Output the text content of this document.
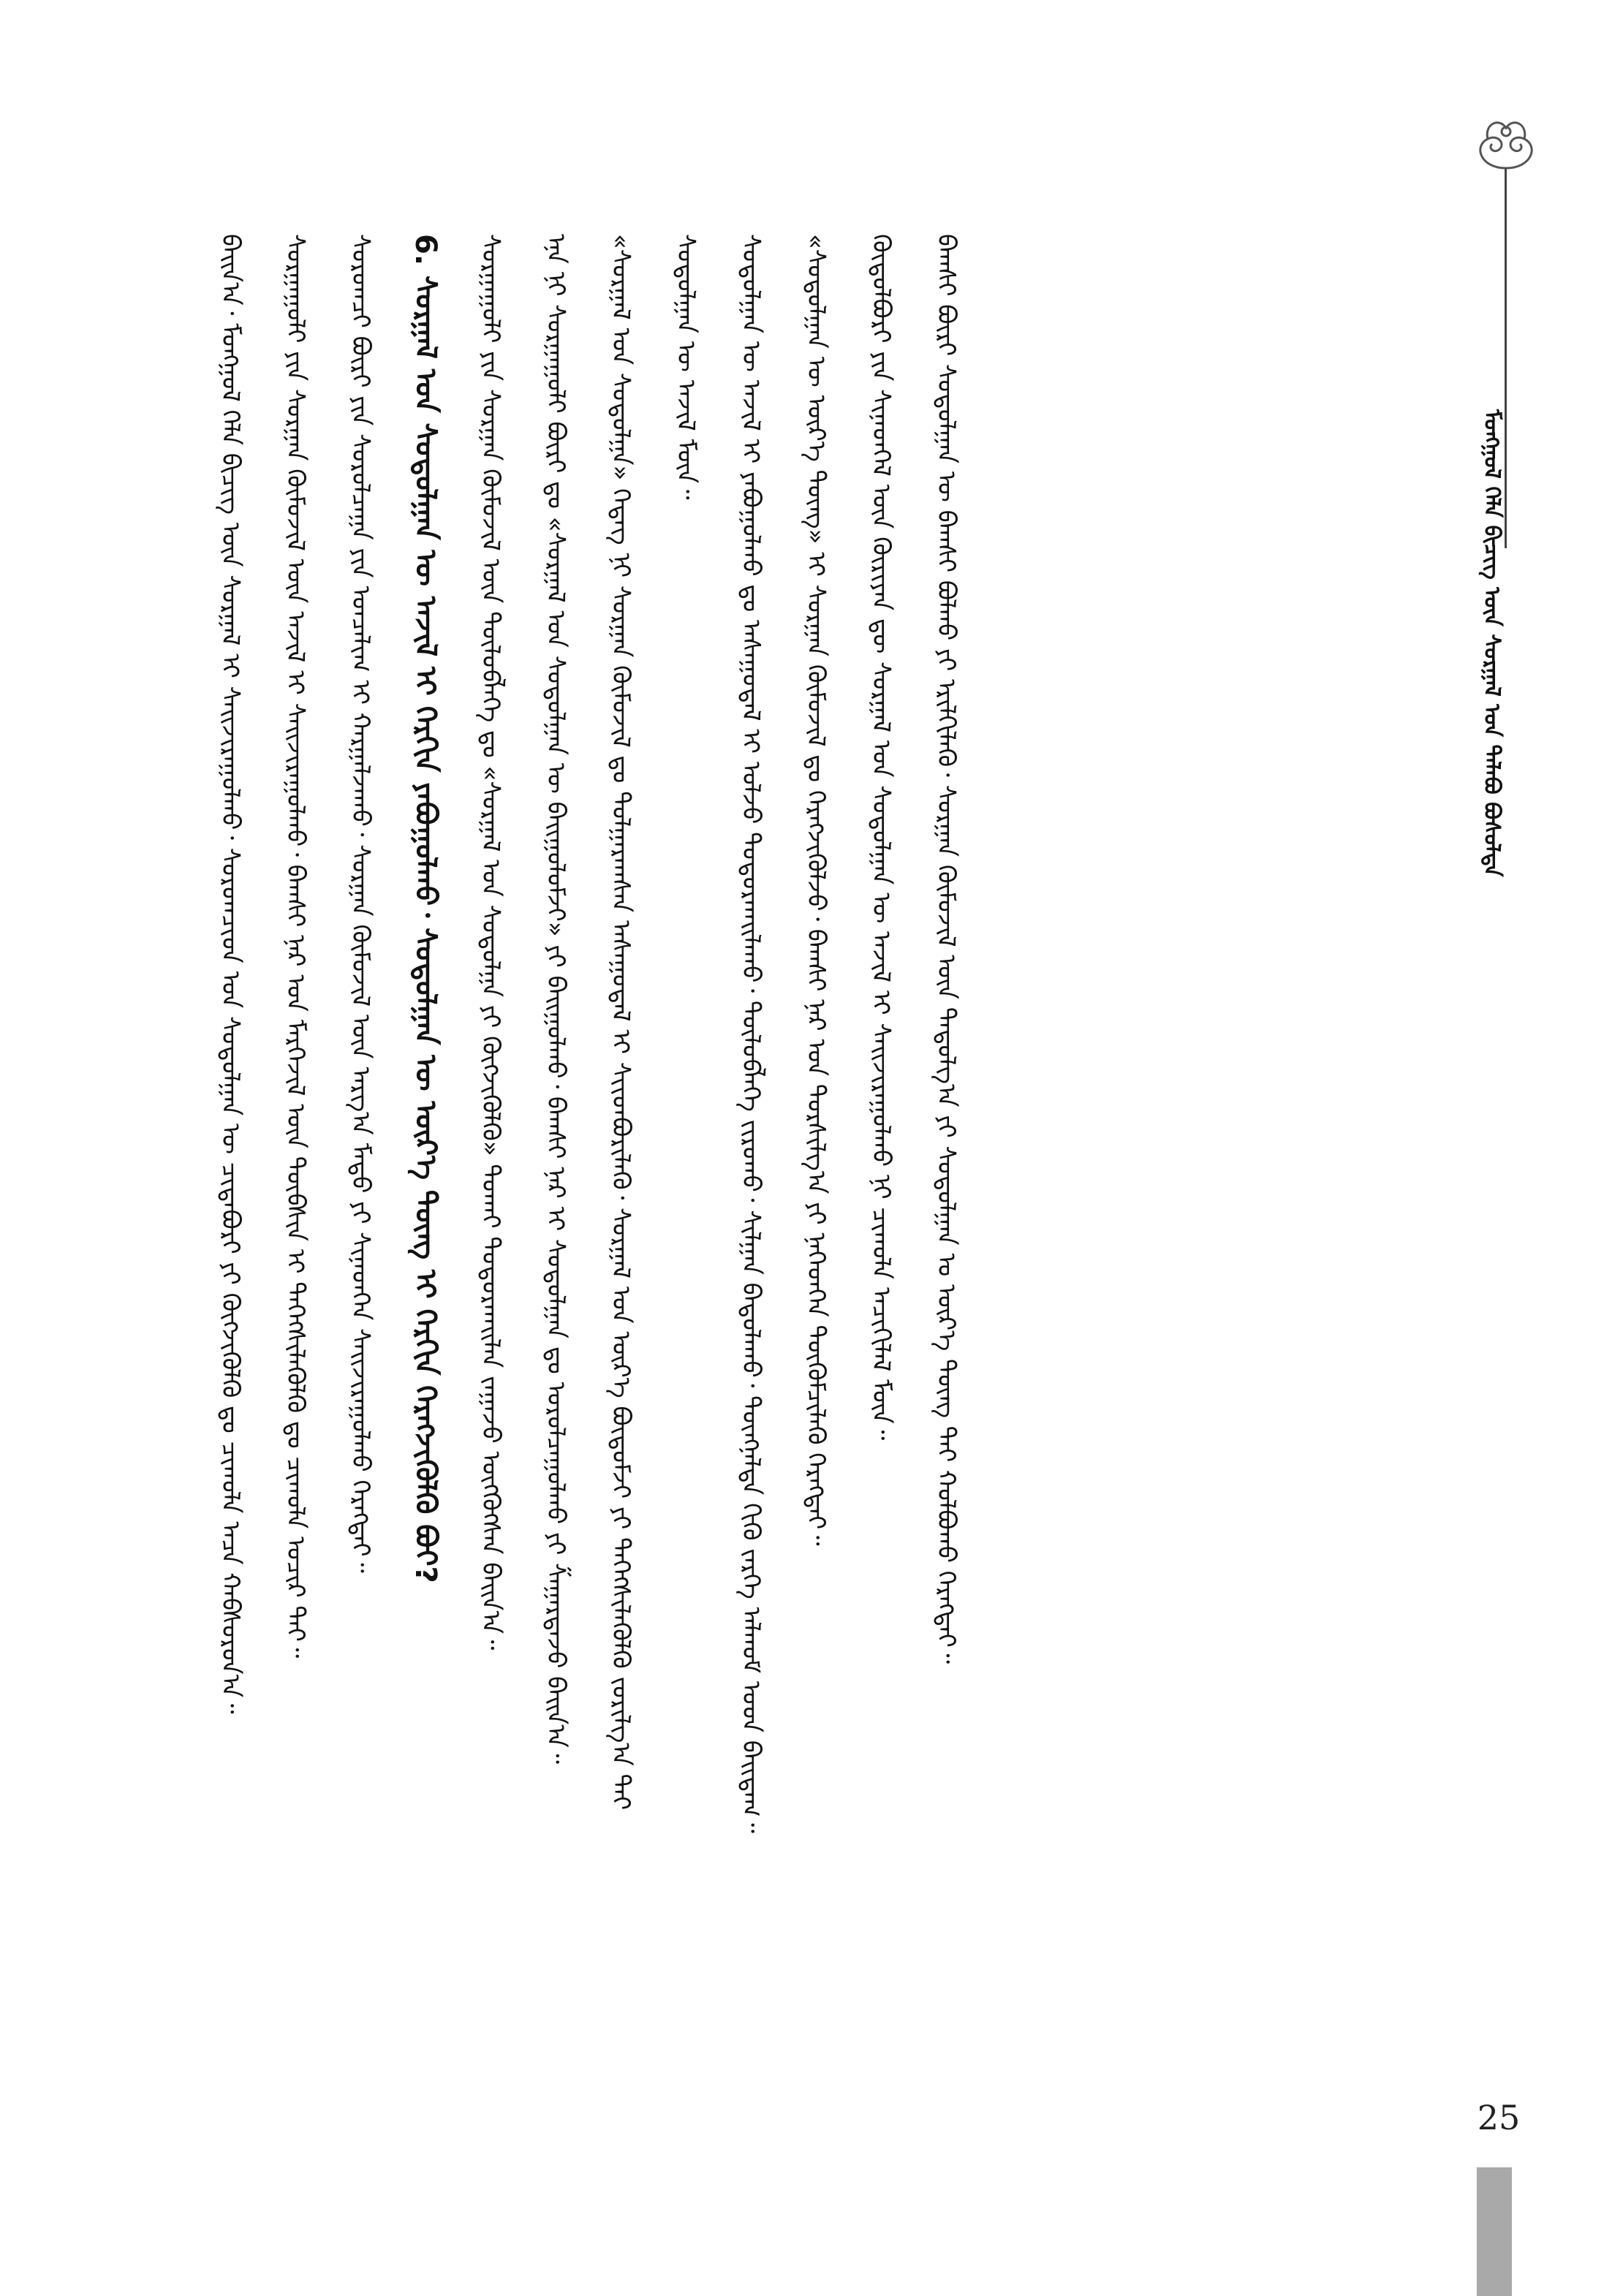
ᠮᠣᠩᠭᠣᠯ ᠬᠡᠯᠡ ᠪᠢᠴᠢᠭ ᠦᠨ ᠰᠤᠷᠭᠠᠯ ᠤᠨ ᠲᠡᠯᠡᠪᠦ ᠪᠤᠰᠤᠯᠲᠠ

ᠪᠠᠢᠨ᠎ᠠ᠂ ᠮᠣᠩᠭᠣᠯ ᠬᠡᠯᠡ ᠪᠢᠴᠢᠭ ᠦᠨ ᠰᠤᠷᠭᠠᠯ ᠢ ᠰᠠᠢᠵᠢᠷᠠᠭᠤᠯᠬᠤ᠂ ᠰᠤᠷᠤᠭᠴᠢᠳ ᠤᠨ ᠰᠤᠳᠤᠯᠭᠠᠨ ᠦ ᠴᠢᠳᠠᠪᠤᠷᠢ ᠶᠢ ᠬᠥᠭᠵᠢᠭᠦᠯᠬᠦ ᠳᠤ ᠴᠢᠬᠤᠯᠠ ᠠᠴᠠ ᠬᠠᠪᠰᠤᠷᠤᠨ᠎ᠠ᠃	ᠰᠤᠷᠭᠠᠭᠤᠯᠢ ᠶᠢᠨ ᠰᠤᠷᠭᠠᠨ ᠬᠦᠮᠦᠵᠢᠯ ᠦᠨ ᠠᠵᠢᠯ ᠢ ᠰᠠᠢᠵᠢᠷᠠᠭᠤᠯᠬᠤ᠂ ᠪᠠᠭᠰᠢ ᠨᠠᠷ ᠤᠨ ᠮᠡᠷᠭᠡᠵᠢᠯ ᠦᠨ ᠳᠦᠪᠰᠢᠨ ᠢ ᠳᠡᠭᠡᠭᠰᠢᠯᠡᠭᠦᠯᠬᠦ ᠳᠤ ᠴᠢᠬᠤᠯᠠ ᠤᠴᠢᠷ ᠲᠠᠢ᠃	ᠰᠤᠷᠤᠭᠴᠢ ᠪᠦᠷᠢ ᠶᠢᠨ ᠰᠤᠷᠤᠯᠴᠠᠭᠠ ᠶᠢᠨ ᠤᠨᠴᠠᠯᠢᠭ ᠢ ᠬᠠᠷᠭᠠᠯᠵᠠᠬᠤ᠂ ᠰᠤᠷᠭᠠᠨ ᠬᠦᠮᠦᠵᠢᠯ ᠦᠨ ᠠᠷᠭ᠎ᠠ ᠮᠡᠲᠦ ᠶᠢ ᠰᠢᠨᠡᠳᠬᠡᠨ ᠰᠠᠢᠵᠢᠷᠠᠭᠤᠯᠬᠤ ᠬᠡᠷᠡᠭᠲᠡᠢ᠃	6. ᠰᠤᠷᠭᠠᠯ ᠤᠨ ᠰᠤᠳᠤᠯᠭᠠᠨ ᠦ ᠠᠵᠢᠯ ᠢ ᠬᠡᠷᠬᠢᠨ ᠶᠠᠪᠤᠭᠤᠯᠬᠤ᠂ ᠰᠤᠳᠤᠯᠭᠠᠨ ᠦ ᠦᠷ᠎ᠡ ᠳᠦᠩ ᠢ ᠬᠡᠷᠬᠢᠨ ᠬᠡᠷᠡᠭᠵᠢᠭᠦᠯᠬᠦ ᠪᠤᠢ?	ᠰᠤᠷᠭᠠᠭᠤᠯᠢ ᠶᠢᠨ ᠰᠤᠷᠭᠠᠨ ᠬᠦᠮᠦᠵᠢᠯ ᠦᠨ ᠲᠥᠯᠥᠪᠯᠡᠭᠡ ᠳᠤ «ᠰᠤᠷᠭᠠᠯ ᠤᠨ ᠰᠤᠳᠤᠯᠭᠠ ᠶᠢ ᠬᠥᠭᠵᠢᠭᠦᠯᠬᠦ» ᠲᠤᠬᠠᠢ ᠲᠣᠳᠣᠷᠬᠠᠢᠯᠠᠨ ᠵᠠᠭᠠᠵᠤ ᠥᠭᠭᠦᠭᠰᠡᠨ ᠪᠠᠢᠨ᠎ᠠ᠃	ᠡᠨᠡ ᠨᠢ ᠰᠤᠷᠭᠠᠭᠤᠯᠢ ᠪᠦᠷᠢ ᠳᠤ «ᠰᠤᠷᠭᠠᠯ ᠤᠨ ᠰᠤᠳᠤᠯᠭᠠᠨ ᠦ ᠪᠠᠢᠭᠤᠯᠤᠮᠵᠢ» ᠶᠢ ᠪᠠᠢᠭᠤᠯᠬᠤ᠂ ᠪᠠᠭᠰᠢ ᠨᠠᠷ ᠢ ᠰᠤᠳᠤᠯᠭᠠᠨ ᠳᠤ ᠣᠷᠣᠯᠴᠠᠭᠤᠯᠬᠤ ᠶᠢ ᠱᠠᠭᠠᠷᠳᠠᠵᠤ ᠪᠠᠢᠨ᠎ᠠ᠃	«ᠰᠤᠷᠭᠠᠯ ᠤᠨ ᠰᠤᠳᠤᠯᠭᠠ» ᠭᠡᠳᠡᠭ ᠨᠢ ᠰᠤᠷᠭᠠᠨ ᠬᠦᠮᠦᠵᠢᠯ ᠳᠤ ᠲᠤᠯᠭᠠᠷᠠᠭᠰᠠᠨ ᠠᠰᠠᠭᠤᠳᠠᠯ ᠢ ᠰᠢᠢᠳᠪᠦᠷᠢᠯᠡᠬᠦ᠂ ᠰᠤᠷᠭᠠᠯ ᠤᠨ ᠦᠷ᠎ᠡ ᠪᠦᠲᠦᠮᠵᠢ ᠶᠢ ᠳᠡᠭᠡᠭᠰᠢᠯᠡᠭᠦᠯᠬᠦ ᠵᠣᠷᠢᠯᠭ᠎ᠠ ᠲᠠᠢ ᠰᠤᠳᠤᠯᠭᠠᠨ ᠦ ᠠᠵᠢᠯ ᠮᠥᠨ᠃	ᠰᠤᠳᠤᠯᠭᠠᠨ ᠦ ᠠᠵᠢᠯ ᠢ ᠶᠠᠪᠤᠭᠤᠯᠬᠤ ᠳᠤ ᠠᠰᠠᠭᠤᠳᠠᠯ ᠢ ᠣᠯᠵᠤ ᠲᠣᠳᠣᠷᠬᠠᠢᠯᠠᠬᠤ᠂ ᠲᠥᠯᠥᠪᠯᠡᠭᠡ ᠵᠢᠷᠤᠬᠤ᠂ ᠰᠢᠯᠭᠠᠨ ᠪᠠᠲᠤᠯᠠᠬᠤ᠂ ᠳᠦᠩᠨᠡᠯᠲᠡ ᠬᠢᠬᠦ ᠵᠡᠷᠭᠡ ᠠᠯᠬᠤᠮ ᠤᠳ ᠪᠠᠢᠳᠠᠭ᠃	«ᠰᠤᠳᠤᠯᠭᠠᠨ ᠦ ᠦᠷ᠎ᠡ ᠳᠦᠩ» ᠢ ᠰᠤᠷᠭᠠᠨ ᠬᠦᠮᠦᠵᠢᠯ ᠳᠤ ᠬᠡᠷᠡᠭᠵᠢᠭᠦᠯᠵᠦ᠂ ᠪᠠᠭᠰᠢ ᠨᠠᠷ ᠤᠨ ᠲᠤᠷᠰᠢᠯᠭ᠎ᠠ ᠶᠢ ᠨᠡᠭᠡᠳᠬᠡᠨ ᠳᠦᠭᠦᠮᠴᠢᠯᠡᠬᠦ ᠬᠡᠷᠡᠭᠲᠡᠢ᠃	ᠬᠥᠲᠦᠯᠪᠦᠷᠢ ᠶᠢᠨ ᠰᠢᠨᠡᠳᠭᠡᠯ ᠦᠨ ᠬᠦᠷᠢᠶᠡᠨ ᠳᠦ ᠰᠤᠷᠭᠠᠯ ᠤᠨ ᠰᠤᠳᠤᠯᠭᠠᠨ ᠦ ᠠᠵᠢᠯ ᠢ ᠰᠠᠢᠵᠢᠷᠠᠭᠤᠯᠬᠤ ᠨᠢ ᠴᠢᠬᠤᠯᠠ ᠠᠴᠢᠬᠢᠯᠠᠯ ᠮᠥᠨ᠃	ᠪᠠᠭᠰᠢ ᠪᠦᠷᠢ ᠰᠤᠳᠤᠯᠭᠠᠨ ᠦ ᠪᠠᠭᠰᠢ ᠪᠣᠯᠬᠤ ᠶᠢ ᠡᠷᠢᠯᠬᠢᠯᠡᠬᠦ᠂ ᠰᠤᠷᠭᠠᠨ ᠬᠦᠮᠦᠵᠢᠯ ᠦᠨ ᠳᠠᠳᠤᠯᠭ᠎ᠠ ᠶᠢ ᠰᠤᠳᠤᠯᠭᠠᠨ ᠤ ᠦᠷ᠎ᠡ ᠳᠦᠩ ᠲᠡᠢ ᠬᠣᠯᠪᠣᠬᠤ ᠬᠡᠷᠡᠭᠲᠡᠢ᠃

25
